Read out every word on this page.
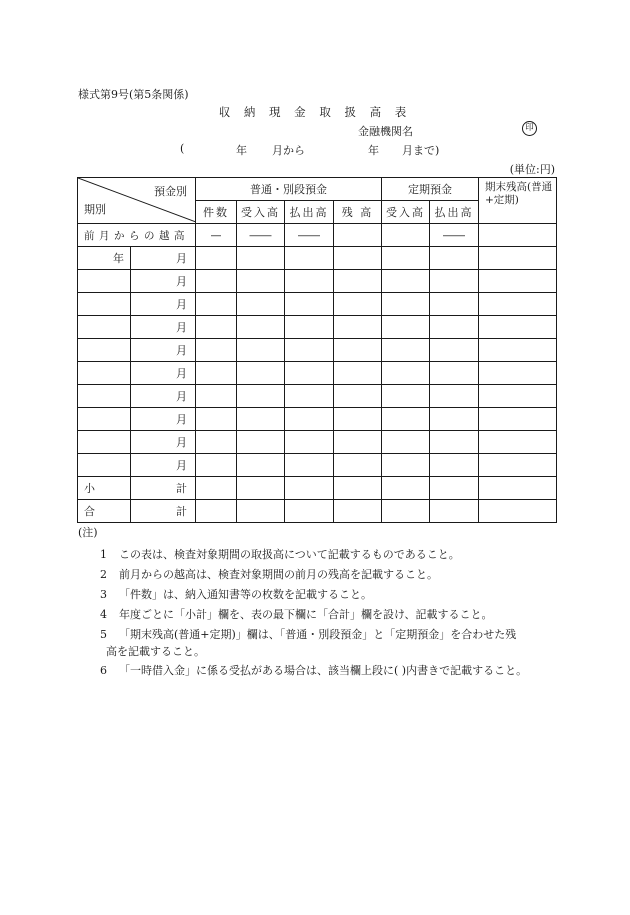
様式第9号(第5条関係)
収 納 現 金 取 扱 高 表
金融機関名	印
(	年 月から	年 月まで)
(単位:円)
預金別
期別		普通・別段預金				定期預金		期末残高(普通+定期)
		件数	受入高	払出高	残 高	受入高	払出高	
前月からの越高		—	――	――			――	
年	月							
	月							
	月							
	月							
	月							
	月							
	月							
	月							
	月							
	月							
小	計							
合	計							
(注)
1 この表は、検査対象期間の取扱高について記載するものであること。
2 前月からの越高は、検査対象期間の前月の残高を記載すること。
3 「件数」は、納入通知書等の枚数を記載すること。
4 年度ごとに「小計」欄を、表の最下欄に「合計」欄を設け、記載すること。
5 「期末残高(普通+定期)」欄は、「普通・別段預金」と「定期預金」を合わせた残
高を記載すること。
6 「一時借入金」に係る受払がある場合は、該当欄上段に( )内書きで記載すること。
